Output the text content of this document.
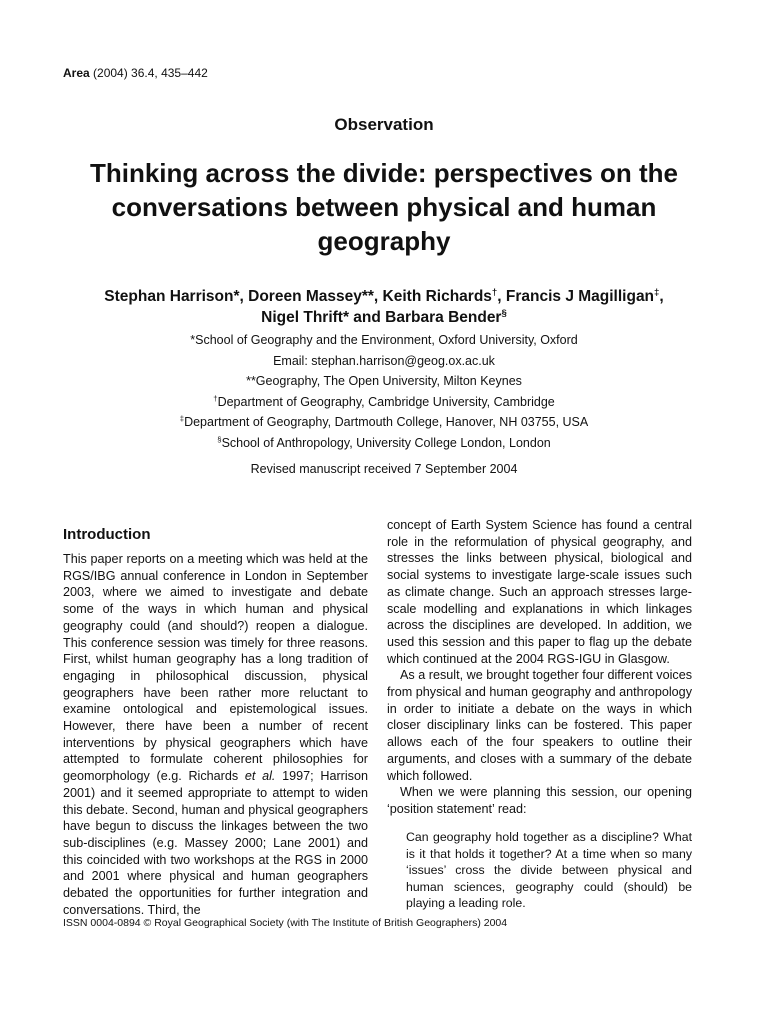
Area (2004) 36.4, 435–442
Observation
Thinking across the divide: perspectives on the conversations between physical and human geography
Stephan Harrison*, Doreen Massey**, Keith Richards†, Francis J Magilligan‡,
Nigel Thrift* and Barbara Bender§
*School of Geography and the Environment, Oxford University, Oxford
Email: stephan.harrison@geog.ox.ac.uk
**Geography, The Open University, Milton Keynes
†Department of Geography, Cambridge University, Cambridge
‡Department of Geography, Dartmouth College, Hanover, NH 03755, USA
§School of Anthropology, University College London, London
Revised manuscript received 7 September 2004
Introduction

This paper reports on a meeting which was held at the RGS/IBG annual conference in London in September 2003, where we aimed to investigate and debate some of the ways in which human and physical geography could (and should?) reopen a dialogue. This conference session was timely for three reasons. First, whilst human geography has a long tradition of engaging in philosophical discussion, physical geographers have been rather more reluctant to examine ontological and epistemological issues. However, there have been a number of recent interventions by physical geographers which have attempted to formulate coherent philosophies for geomorphology (e.g. Richards et al. 1997; Harrison 2001) and it seemed appropriate to attempt to widen this debate. Second, human and physical geographers have begun to discuss the linkages between the two sub-disciplines (e.g. Massey 2000; Lane 2001) and this coincided with two workshops at the RGS in 2000 and 2001 where physical and human geographers debated the opportunities for further integration and conversations. Third, the

concept of Earth System Science has found a central role in the reformulation of physical geography, and stresses the links between physical, biological and social systems to investigate large-scale issues such as climate change. Such an approach stresses large-scale modelling and explanations in which linkages across the disciplines are developed. In addition, we used this session and this paper to flag up the debate which continued at the 2004 RGS-IGU in Glasgow.

As a result, we brought together four different voices from physical and human geography and anthropology in order to initiate a debate on the ways in which closer disciplinary links can be fostered. This paper allows each of the four speakers to outline their arguments, and closes with a summary of the debate which followed.

When we were planning this session, our opening ‘position statement’ read:

Can geography hold together as a discipline? What is it that holds it together? At a time when so many ‘issues’ cross the divide between physical and human sciences, geography could (should) be playing a leading role.
ISSN 0004-0894 © Royal Geographical Society (with The Institute of British Geographers) 2004
